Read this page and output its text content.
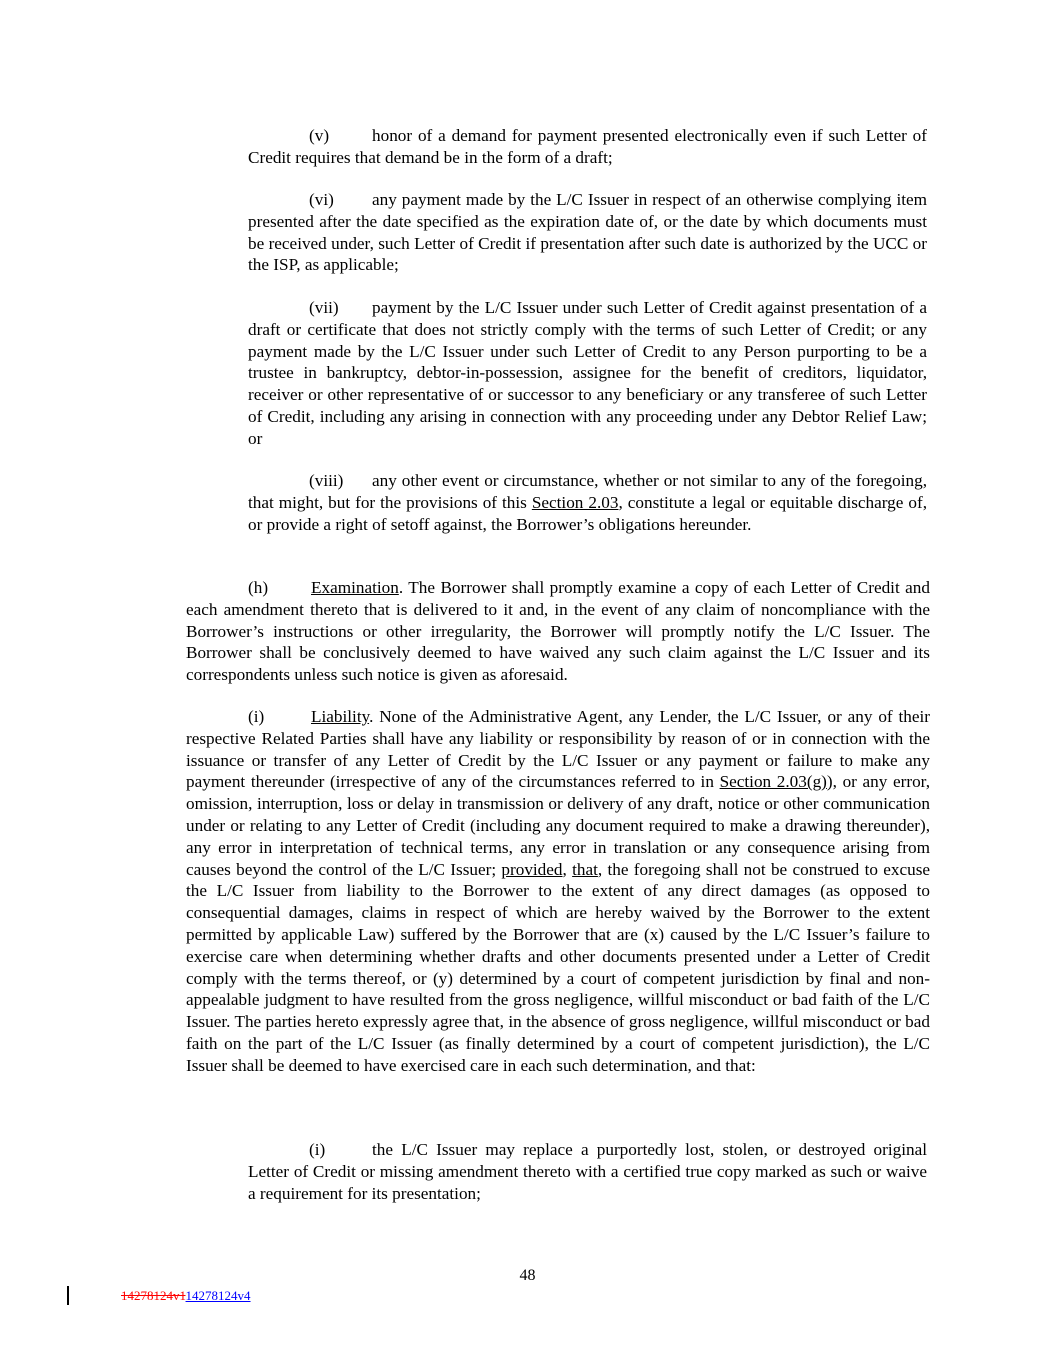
(v) honor of a demand for payment presented electronically even if such Letter of Credit requires that demand be in the form of a draft;

(vi) any payment made by the L/C Issuer in respect of an otherwise complying item presented after the date specified as the expiration date of, or the date by which documents must be received under, such Letter of Credit if presentation after such date is authorized by the UCC or the ISP, as applicable;

(vii) payment by the L/C Issuer under such Letter of Credit against presentation of a draft or certificate that does not strictly comply with the terms of such Letter of Credit; or any payment made by the L/C Issuer under such Letter of Credit to any Person purporting to be a trustee in bankruptcy, debtor-in-possession, assignee for the benefit of creditors, liquidator, receiver or other representative of or successor to any beneficiary or any transferee of such Letter of Credit, including any arising in connection with any proceeding under any Debtor Relief Law; or

(viii) any other event or circumstance, whether or not similar to any of the foregoing, that might, but for the provisions of this Section 2.03, constitute a legal or equitable discharge of, or provide a right of setoff against, the Borrower’s obligations hereunder.

(h) Examination. The Borrower shall promptly examine a copy of each Letter of Credit and each amendment thereto that is delivered to it and, in the event of any claim of noncompliance with the Borrower’s instructions or other irregularity, the Borrower will promptly notify the L/C Issuer. The Borrower shall be conclusively deemed to have waived any such claim against the L/C Issuer and its correspondents unless such notice is given as aforesaid.

(i)	Liability. None of the Administrative Agent, any Lender, the L/C Issuer, or any of their respective Related Parties shall have any liability or responsibility by reason of or in connection with the issuance or transfer of any Letter of Credit by the L/C Issuer or any payment or failure to make any payment thereunder (irrespective of any of the circumstances referred to in Section 2.03(g)), or any error, omission, interruption, loss or delay in transmission or delivery of any draft, notice or other communication under or relating to any Letter of Credit (including any document required to make a drawing thereunder), any error in interpretation of technical terms, any error in translation or any consequence arising from causes beyond the control of the L/C Issuer; provided, that, the foregoing shall not be construed to excuse the L/C Issuer from liability to the Borrower to the extent of any direct damages (as opposed to consequential damages, claims in respect of which are hereby waived by the Borrower to the extent permitted by applicable Law) suffered by the Borrower that are (x) caused by the L/C Issuer’s failure to exercise care when determining whether drafts and other documents presented under a Letter of Credit comply with the terms thereof, or (y) determined by a court of competent jurisdiction by final and non-appealable judgment to have resulted from the gross negligence, willful misconduct or bad faith of the L/C Issuer. The parties hereto expressly agree that, in the absence of gross negligence, willful misconduct or bad faith on the part of the L/C Issuer (as finally determined by a court of competent jurisdiction), the L/C Issuer shall be deemed to have exercised care in each such determination, and that:

(i)	the L/C Issuer may replace a purportedly lost, stolen, or destroyed original Letter of Credit or missing amendment thereto with a certified true copy marked as such or waive a requirement for its presentation;

48
14278124v114278124v4
